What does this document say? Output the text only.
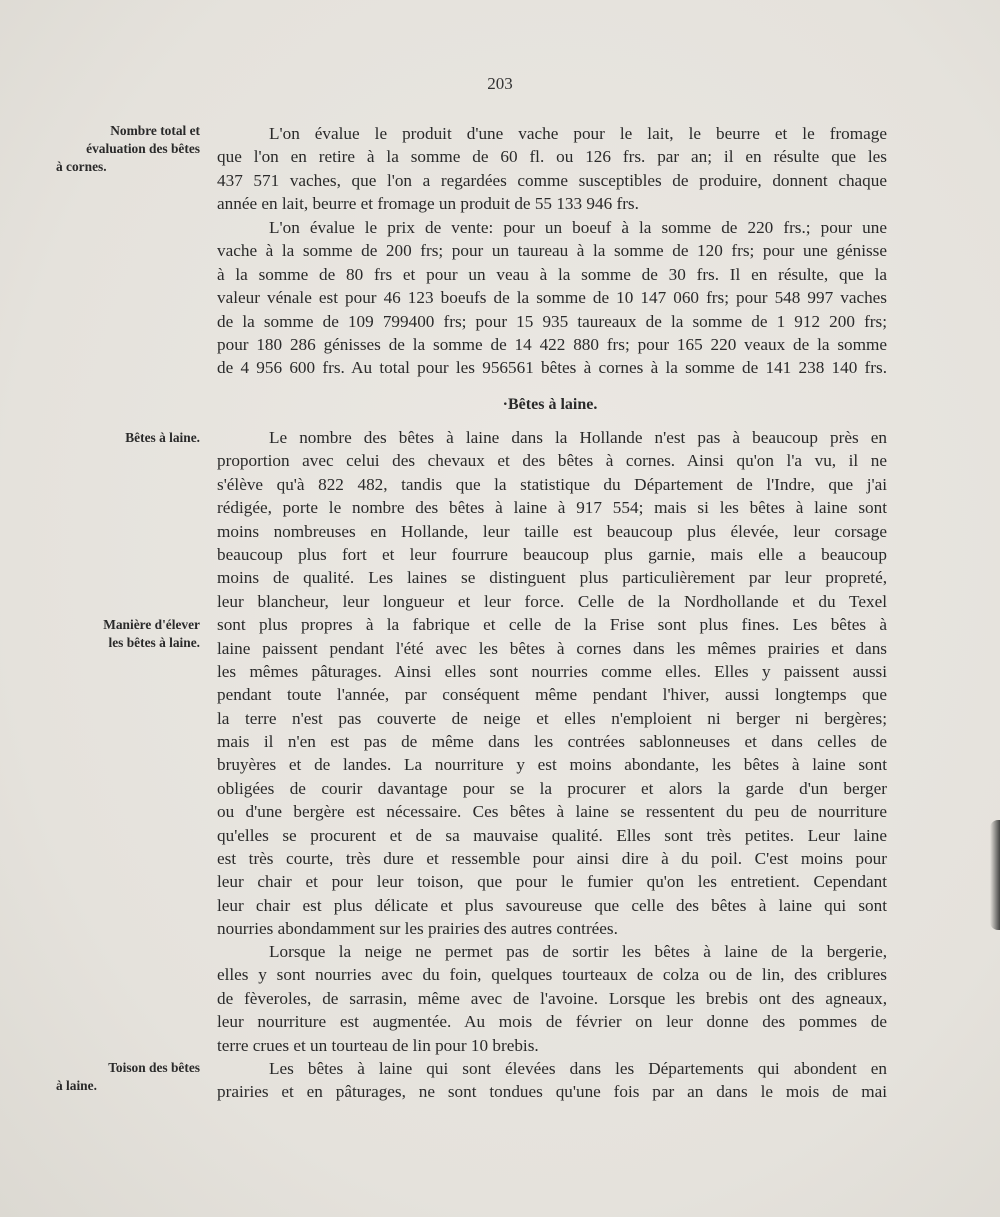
203
Nombre total et
évaluation des bêtes
à cornes.
Bêtes à laine.
Manière d'élever
les bêtes à laine.
Toison des bêtes
à laine.
L'on évalue le produit d'une vache pour le lait, le beurre et le fromage
que l'on en retire à la somme de 60 fl. ou 126 frs. par an; il en résulte que les
437 571 vaches, que l'on a regardées comme susceptibles de produire, donnent chaque
année en lait, beurre et fromage un produit de 55 133 946 frs.
L'on évalue le prix de vente: pour un boeuf à la somme de 220 frs.; pour une
vache à la somme de 200 frs; pour un taureau à la somme de 120 frs; pour une génisse
à la somme de 80 frs et pour un veau à la somme de 30 frs. Il en résulte, que la
valeur vénale est pour 46 123 boeufs de la somme de 10 147 060 frs; pour 548 997 vaches
de la somme de 109 799400 frs; pour 15 935 taureaux de la somme de 1 912 200 frs;
pour 180 286 génisses de la somme de 14 422 880 frs; pour 165 220 veaux de la somme
de 4 956 600 frs. Au total pour les 956561 bêtes à cornes à la somme de 141 238 140 frs.
·Bêtes à laine.
Le nombre des bêtes à laine dans la Hollande n'est pas à beaucoup près en
proportion avec celui des chevaux et des bêtes à cornes. Ainsi qu'on l'a vu, il ne
s'élève qu'à 822 482, tandis que la statistique du Département de l'Indre, que j'ai
rédigée, porte le nombre des bêtes à laine à 917 554; mais si les bêtes à laine sont
moins nombreuses en Hollande, leur taille est beaucoup plus élevée, leur corsage
beaucoup plus fort et leur fourrure beaucoup plus garnie, mais elle a beaucoup
moins de qualité. Les laines se distinguent plus particulièrement par leur propreté,
leur blancheur, leur longueur et leur force. Celle de la Nordhollande et du Texel
sont plus propres à la fabrique et celle de la Frise sont plus fines. Les bêtes à
laine paissent pendant l'été avec les bêtes à cornes dans les mêmes prairies et dans
les mêmes pâturages. Ainsi elles sont nourries comme elles. Elles y paissent aussi
pendant toute l'année, par conséquent même pendant l'hiver, aussi longtemps que
la terre n'est pas couverte de neige et elles n'emploient ni berger ni bergères;
mais il n'en est pas de même dans les contrées sablonneuses et dans celles de
bruyères et de landes. La nourriture y est moins abondante, les bêtes à laine sont
obligées de courir davantage pour se la procurer et alors la garde d'un berger
ou d'une bergère est nécessaire. Ces bêtes à laine se ressentent du peu de nourriture
qu'elles se procurent et de sa mauvaise qualité. Elles sont très petites. Leur laine
est très courte, très dure et ressemble pour ainsi dire à du poil. C'est moins pour
leur chair et pour leur toison, que pour le fumier qu'on les entretient. Cependant
leur chair est plus délicate et plus savoureuse que celle des bêtes à laine qui sont
nourries abondamment sur les prairies des autres contrées.
Lorsque la neige ne permet pas de sortir les bêtes à laine de la bergerie,
elles y sont nourries avec du foin, quelques tourteaux de colza ou de lin, des criblures
de fèveroles, de sarrasin, même avec de l'avoine. Lorsque les brebis ont des agneaux,
leur nourriture est augmentée. Au mois de février on leur donne des pommes de
terre crues et un tourteau de lin pour 10 brebis.
Les bêtes à laine qui sont élevées dans les Départements qui abondent en
prairies et en pâturages, ne sont tondues qu'une fois par an dans le mois de mai
